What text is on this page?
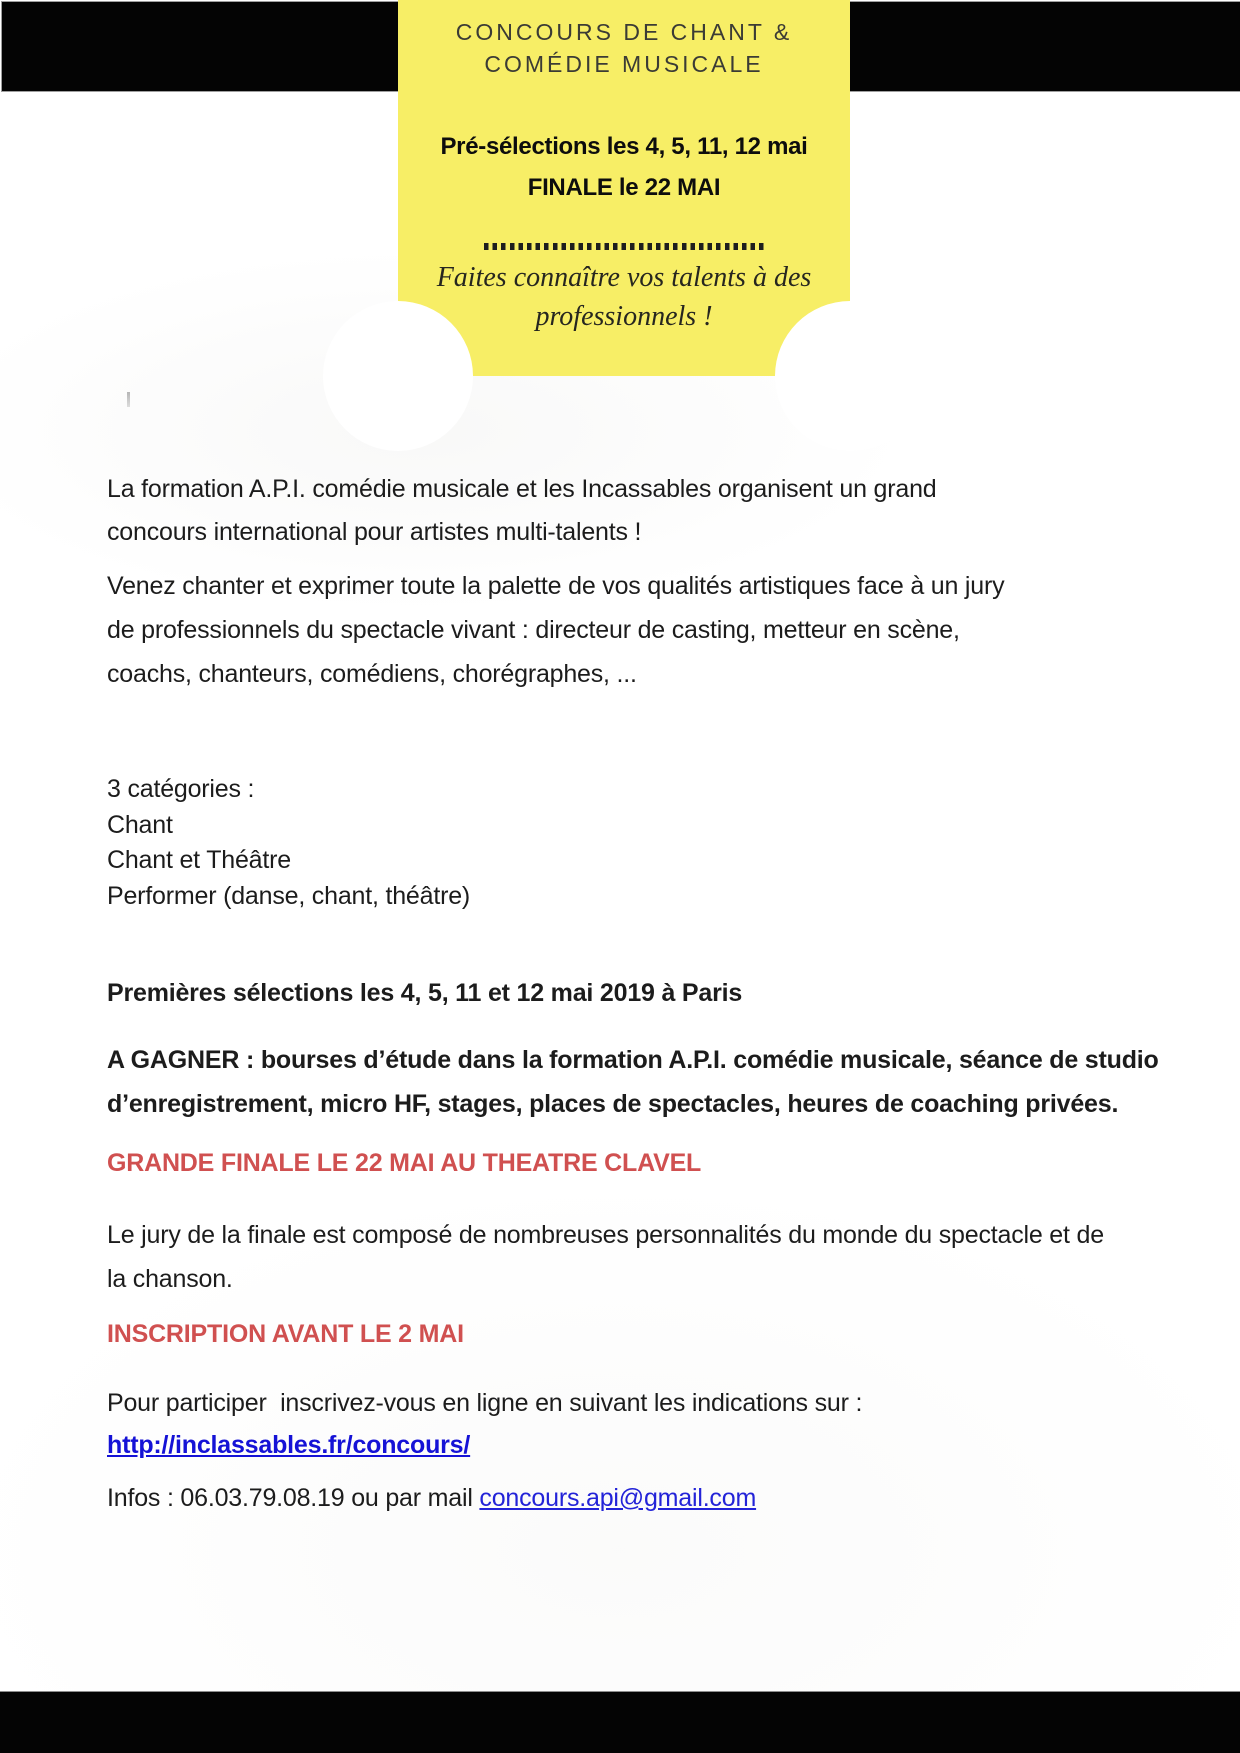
CONCOURS DE CHANT &
COMÉDIE MUSICALE
Pré-sélections les 4, 5, 11, 12 mai
FINALE le 22 MAI
Faites connaître vos talents à des
professionnels !
La formation A.P.I. comédie musicale et les Incassables organisent un grand
concours international pour artistes multi-talents !
Venez chanter et exprimer toute la palette de vos qualités artistiques face à un jury
de professionnels du spectacle vivant : directeur de casting, metteur en scène,
coachs, chanteurs, comédiens, chorégraphes, ...
3 catégories :
Chant
Chant et Théâtre
Performer (danse, chant, théâtre)
Premières sélections les 4, 5, 11 et 12 mai 2019 à Paris
A GAGNER : bourses d’étude dans la formation A.P.I. comédie musicale, séance de studio
d’enregistrement, micro HF, stages, places de spectacles, heures de coaching privées.
GRANDE FINALE LE 22 MAI AU THEATRE CLAVEL
Le jury de la finale est composé de nombreuses personnalités du monde du spectacle et de
la chanson.
INSCRIPTION AVANT LE 2 MAI
Pour participer  inscrivez-vous en ligne en suivant les indications sur :
http://inclassables.fr/concours/
Infos : 06.03.79.08.19 ou par mail concours.api@gmail.com
